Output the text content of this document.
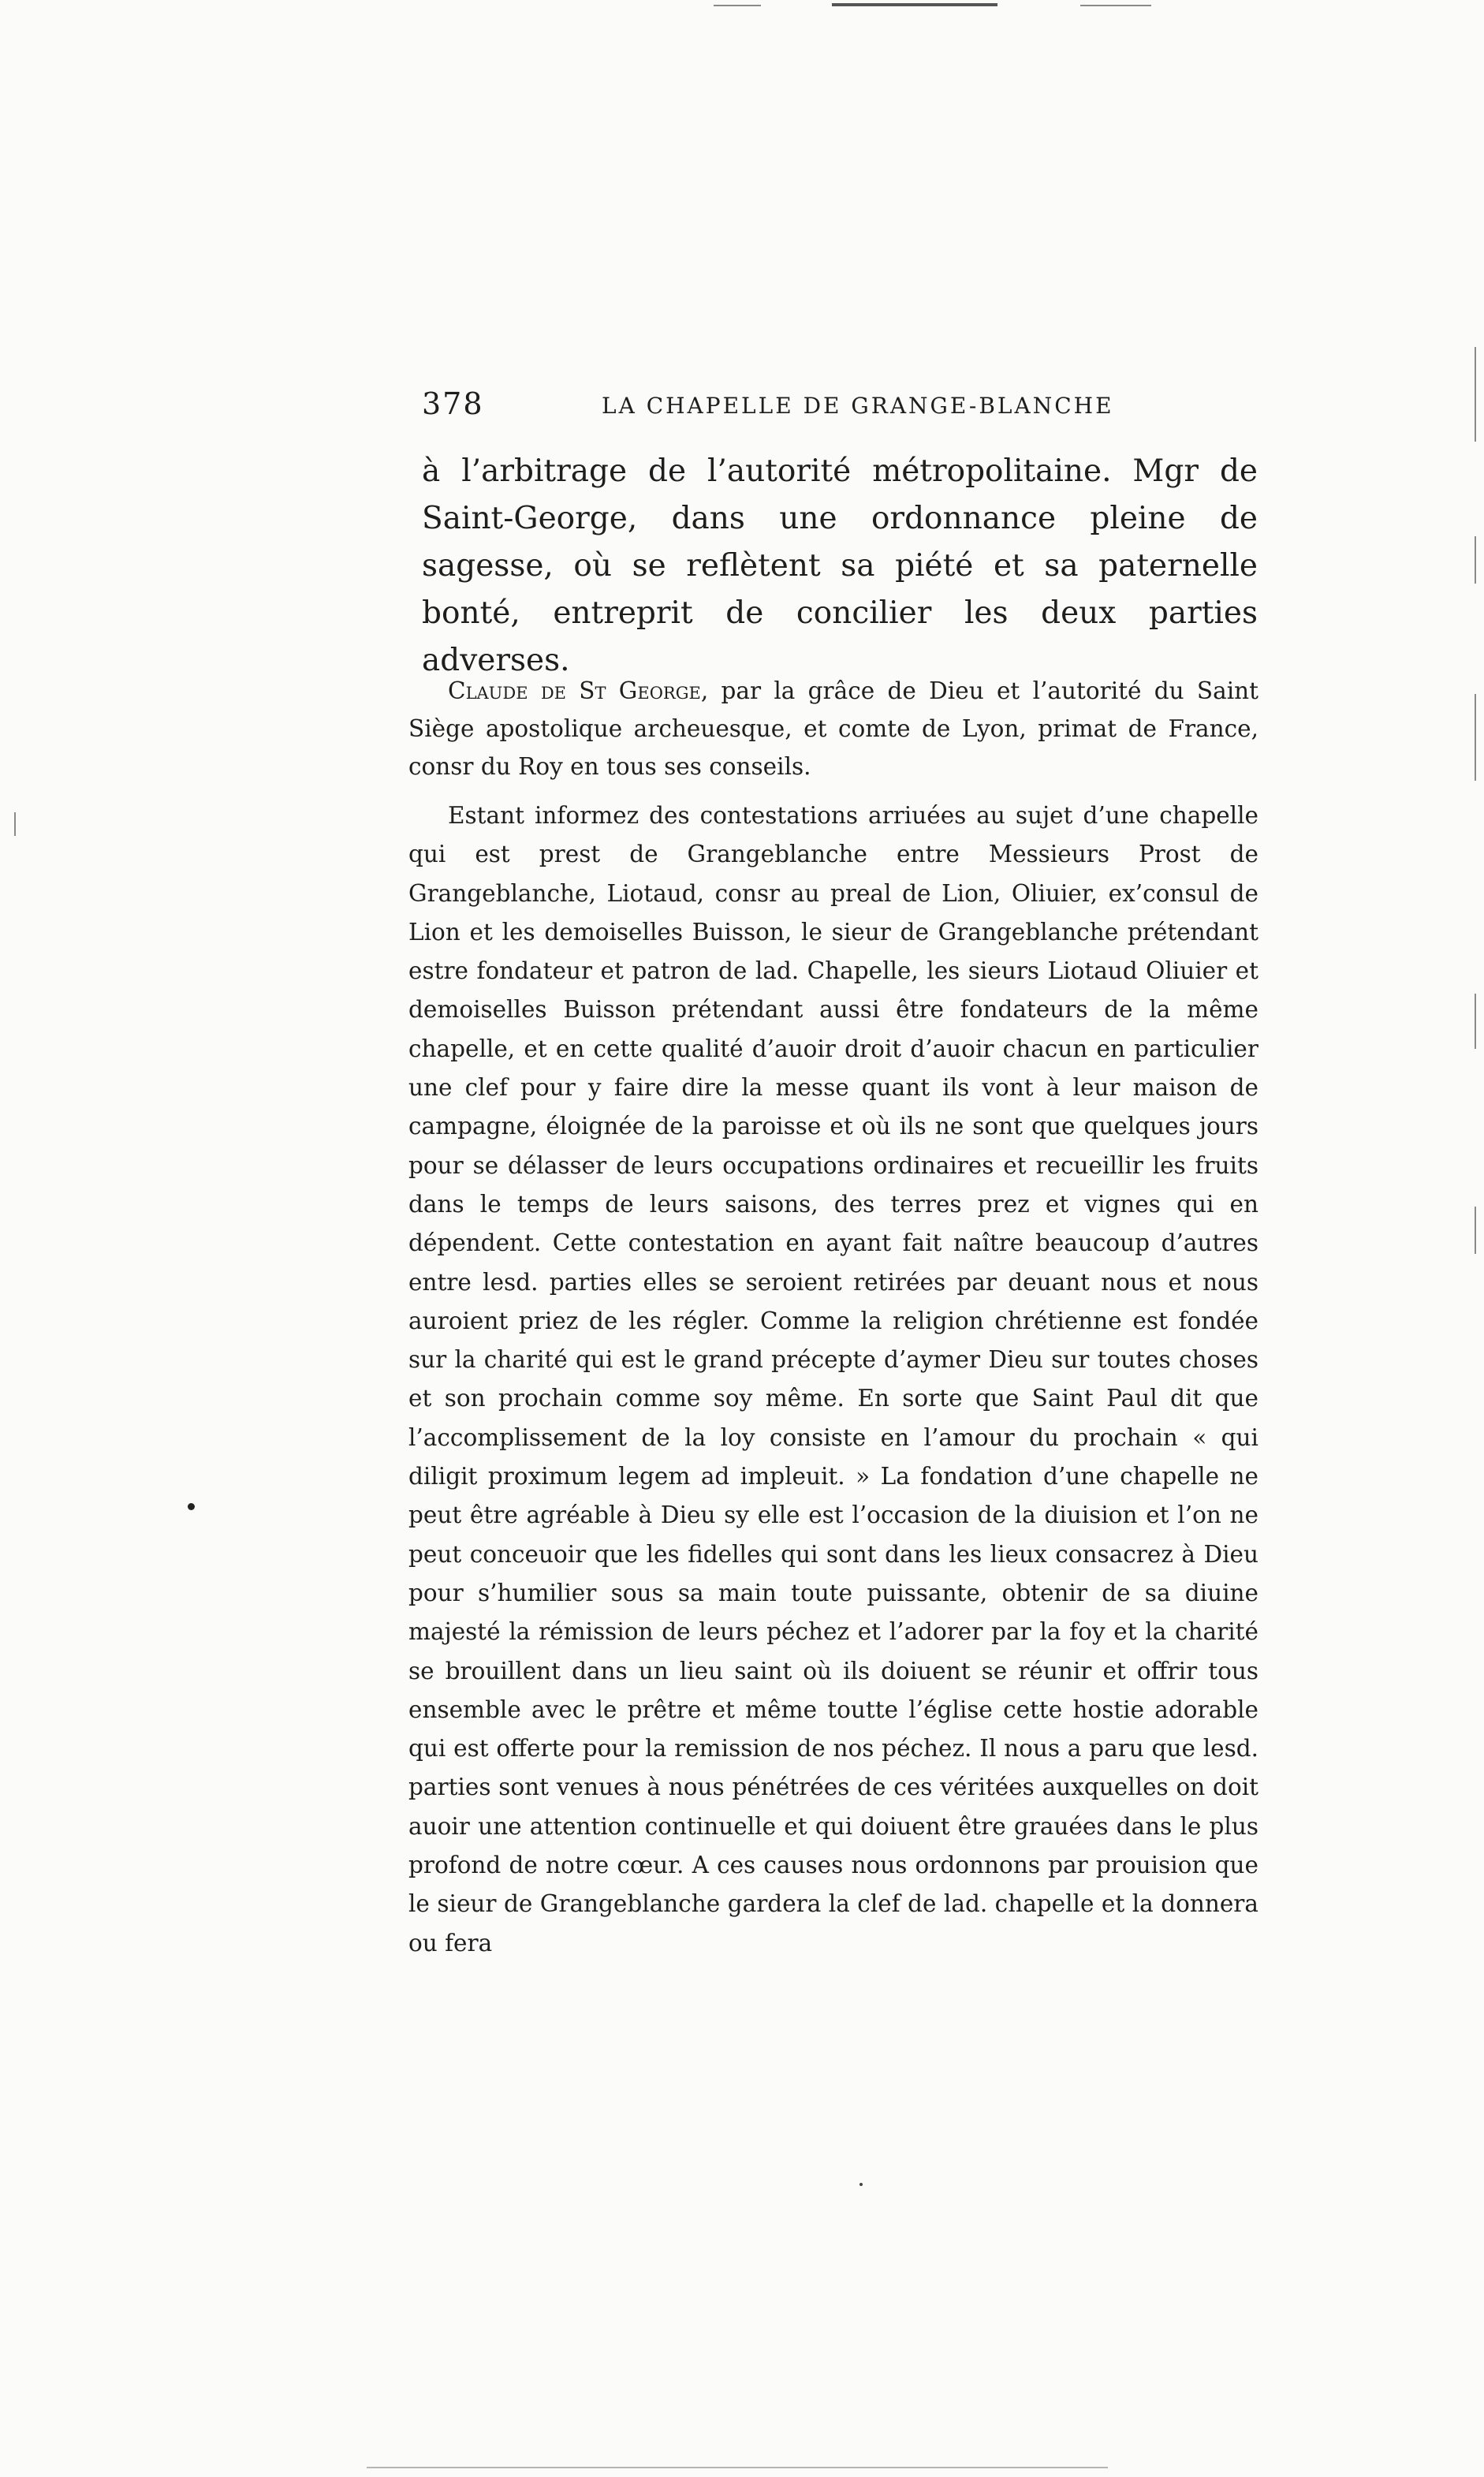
378	LA CHAPELLE DE GRANGE-BLANCHE

à l’arbitrage de l’autorité métropolitaine. Mgr de Saint-George, dans une ordonnance pleine de sagesse, où se reflètent sa piété et sa paternelle bonté, entreprit de concilier les deux parties adverses.

Claude de St George, par la grâce de Dieu et l’autorité du Saint Siège apostolique archeuesque, et comte de Lyon, primat de France, consr du Roy en tous ses conseils.

Estant informez des contestations arriuées au sujet d’une chapelle qui est prest de Grangeblanche entre Messieurs Prost de Grangeblanche, Liotaud, consr au preal de Lion, Oliuier, ex’consul de Lion et les demoiselles Buisson, le sieur de Grangeblanche prétendant estre fondateur et patron de lad. Chapelle, les sieurs Liotaud Oliuier et demoiselles Buisson prétendant aussi être fondateurs de la même chapelle, et en cette qualité d’auoir droit d’auoir chacun en particulier une clef pour y faire dire la messe quant ils vont à leur maison de campagne, éloignée de la paroisse et où ils ne sont que quelques jours pour se délasser de leurs occupations ordinaires et recueillir les fruits dans le temps de leurs saisons, des terres prez et vignes qui en dépendent. Cette contestation en ayant fait naître beaucoup d’autres entre lesd. parties elles se seroient retirées par deuant nous et nous auroient priez de les régler. Comme la religion chrétienne est fondée sur la charité qui est le grand précepte d’aymer Dieu sur toutes choses et son prochain comme soy même. En sorte que Saint Paul dit que l’accomplissement de la loy consiste en l’amour du prochain « qui diligit proximum legem ad impleuit. » La fondation d’une chapelle ne peut être agréable à Dieu sy elle est l’occasion de la diuision et l’on ne peut conceuoir que les fidelles qui sont dans les lieux consacrez à Dieu pour s’humilier sous sa main toute puissante, obtenir de sa diuine majesté la rémission de leurs péchez et l’adorer par la foy et la charité se brouillent dans un lieu saint où ils doiuent se réunir et offrir tous ensemble avec le prêtre et même toutte l’église cette hostie adorable qui est offerte pour la remission de nos péchez. Il nous a paru que lesd. parties sont venues à nous pénétrées de ces véritées auxquelles on doit auoir une attention continuelle et qui doiuent être grauées dans le plus profond de notre cœur. A ces causes nous ordonnons par prouision que le sieur de Grangeblanche gardera la clef de lad. chapelle et la donnera ou fera
